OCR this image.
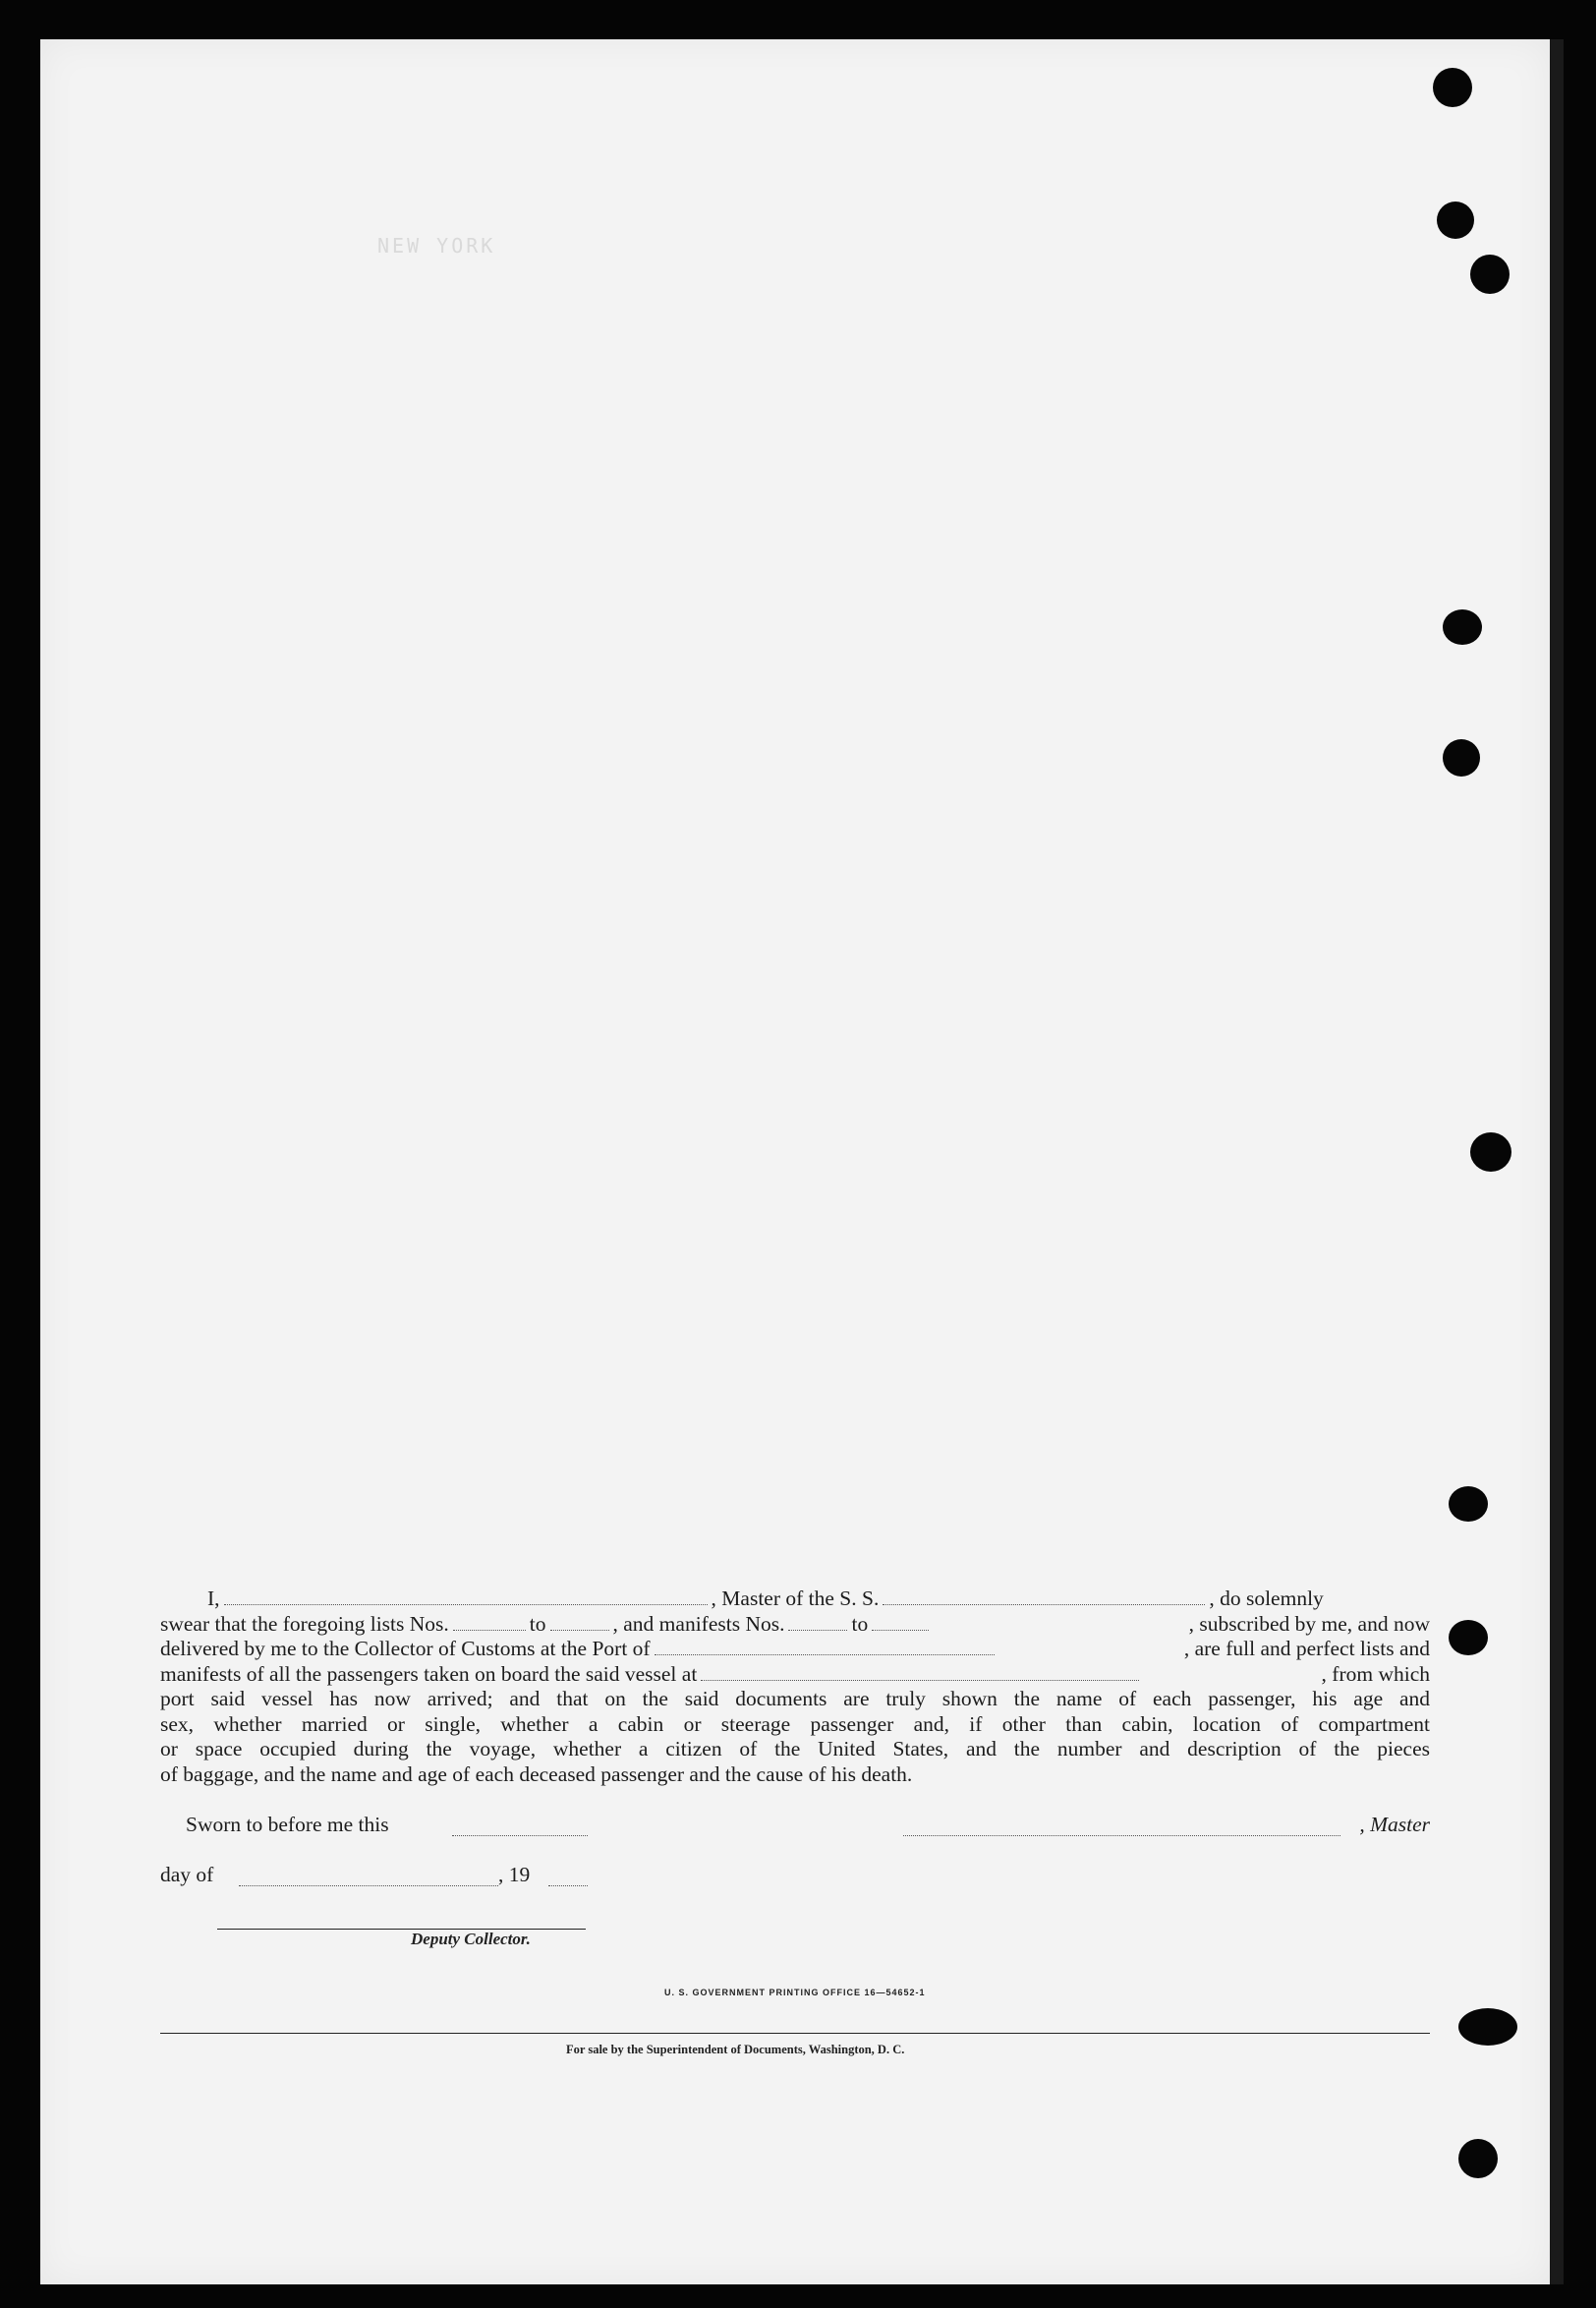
NEW YORK
I,	, Master of the S. S.	, do solemnly
swear that the foregoing lists Nos.	to	, and manifests Nos.	to	, subscribed by me, and now
delivered by me to the Collector of Customs at the Port of	, are full and perfect lists and
manifests of all the passengers taken on board the said vessel at	, from which
port said vessel has now arrived; and that on the said documents are truly shown the name of each passenger, his age and
sex, whether married or single, whether a cabin or steerage passenger and, if other than cabin, location of compartment
or space occupied during the voyage, whether a citizen of the United States, and the number and description of the pieces
of baggage, and the name and age of each deceased passenger and the cause of his death.
Sworn to before me this	, Master
day of	, 19
Deputy Collector.
U. S. GOVERNMENT PRINTING OFFICE 16—54652-1
For sale by the Superintendent of Documents, Washington, D. C.
